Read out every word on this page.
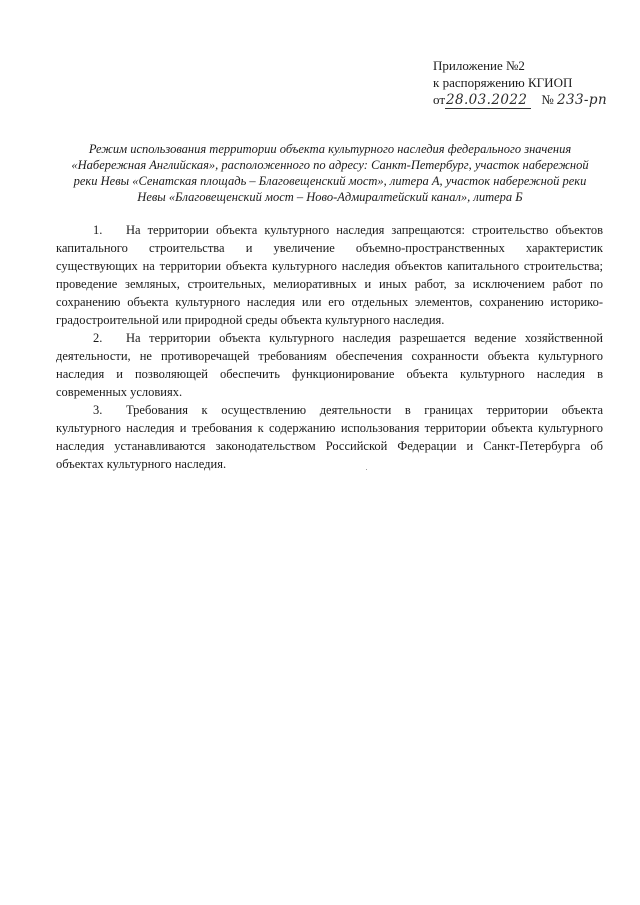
Приложение №2
к распоряжению КГИОП
от28.03.2022 № 233-рп
Режим использования территории объекта культурного наследия федерального значения
«Набережная Английская», расположенного по адресу: Санкт-Петербург, участок набережной
реки Невы «Сенатская площадь – Благовещенский мост», литера А, участок набережной реки
Невы «Благовещенский мост – Ново-Адмиралтейский канал», литера Б
1. На территории объекта культурного наследия запрещаются: строительство объектов
капитального строительства и увеличение объемно-пространственных характеристик
существующих на территории объекта культурного наследия объектов капитального строительства;
проведение земляных, строительных, мелиоративных и иных работ, за исключением работ по
сохранению объекта культурного наследия или его отдельных элементов, сохранению историко-
градостроительной или природной среды объекта культурного наследия.
2. На территории объекта культурного наследия разрешается ведение хозяйственной
деятельности, не противоречащей требованиям обеспечения сохранности объекта культурного
наследия и позволяющей обеспечить функционирование объекта культурного наследия в
современных условиях.
3. Требования к осуществлению деятельности в границах территории объекта
культурного наследия и требования к содержанию использования территории объекта культурного
наследия устанавливаются законодательством Российской Федерации и Санкт-Петербурга об
объектах культурного наследия.
